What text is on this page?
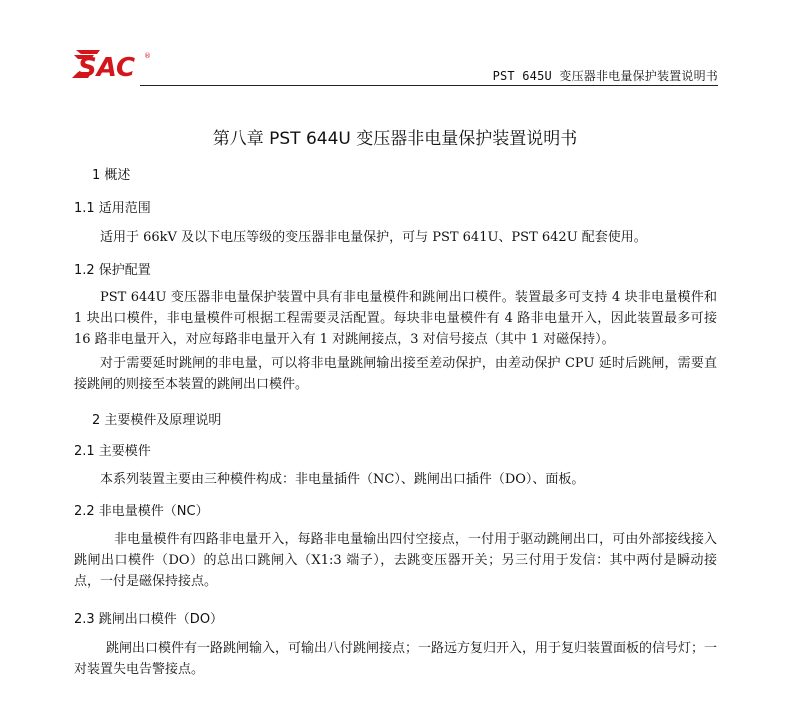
SAC ®
PST 645U 变压器非电量保护装置说明书
第八章 PST 644U 变压器非电量保护装置说明书
1 概述
1.1 适用范围

适用于 66kV 及以下电压等级的变压器非电量保护，可与 PST 641U、PST 642U 配套使用。

1.2 保护配置

PST 644U 变压器非电量保护装置中具有非电量模件和跳闸出口模件。装置最多可支持 4 块非电量模件和 1 块出口模件，非电量模件可根据工程需要灵活配置。每块非电量模件有 4 路非电量开入，因此装置最多可接 16 路非电量开入，对应每路非电量开入有 1 对跳闸接点，3 对信号接点（其中 1 对磁保持）。

对于需要延时跳闸的非电量，可以将非电量跳闸输出接至差动保护，由差动保护 CPU 延时后跳闸，需要直接跳闸的则接至本装置的跳闸出口模件。

2 主要模件及原理说明
2.1 主要模件

本系列装置主要由三种模件构成：非电量插件（NC）、跳闸出口插件（DO）、面板。

2.2 非电量模件（NC）

非电量模件有四路非电量开入，每路非电量输出四付空接点，一付用于驱动跳闸出口，可由外部接线接入跳闸出口模件（DO）的总出口跳闸入（X1:3 端子），去跳变压器开关；另三付用于发信：其中两付是瞬动接点，一付是磁保持接点。

2.3 跳闸出口模件（DO）

跳闸出口模件有一路跳闸输入，可输出八付跳闸接点；一路远方复归开入，用于复归装置面板的信号灯；一对装置失电告警接点。
